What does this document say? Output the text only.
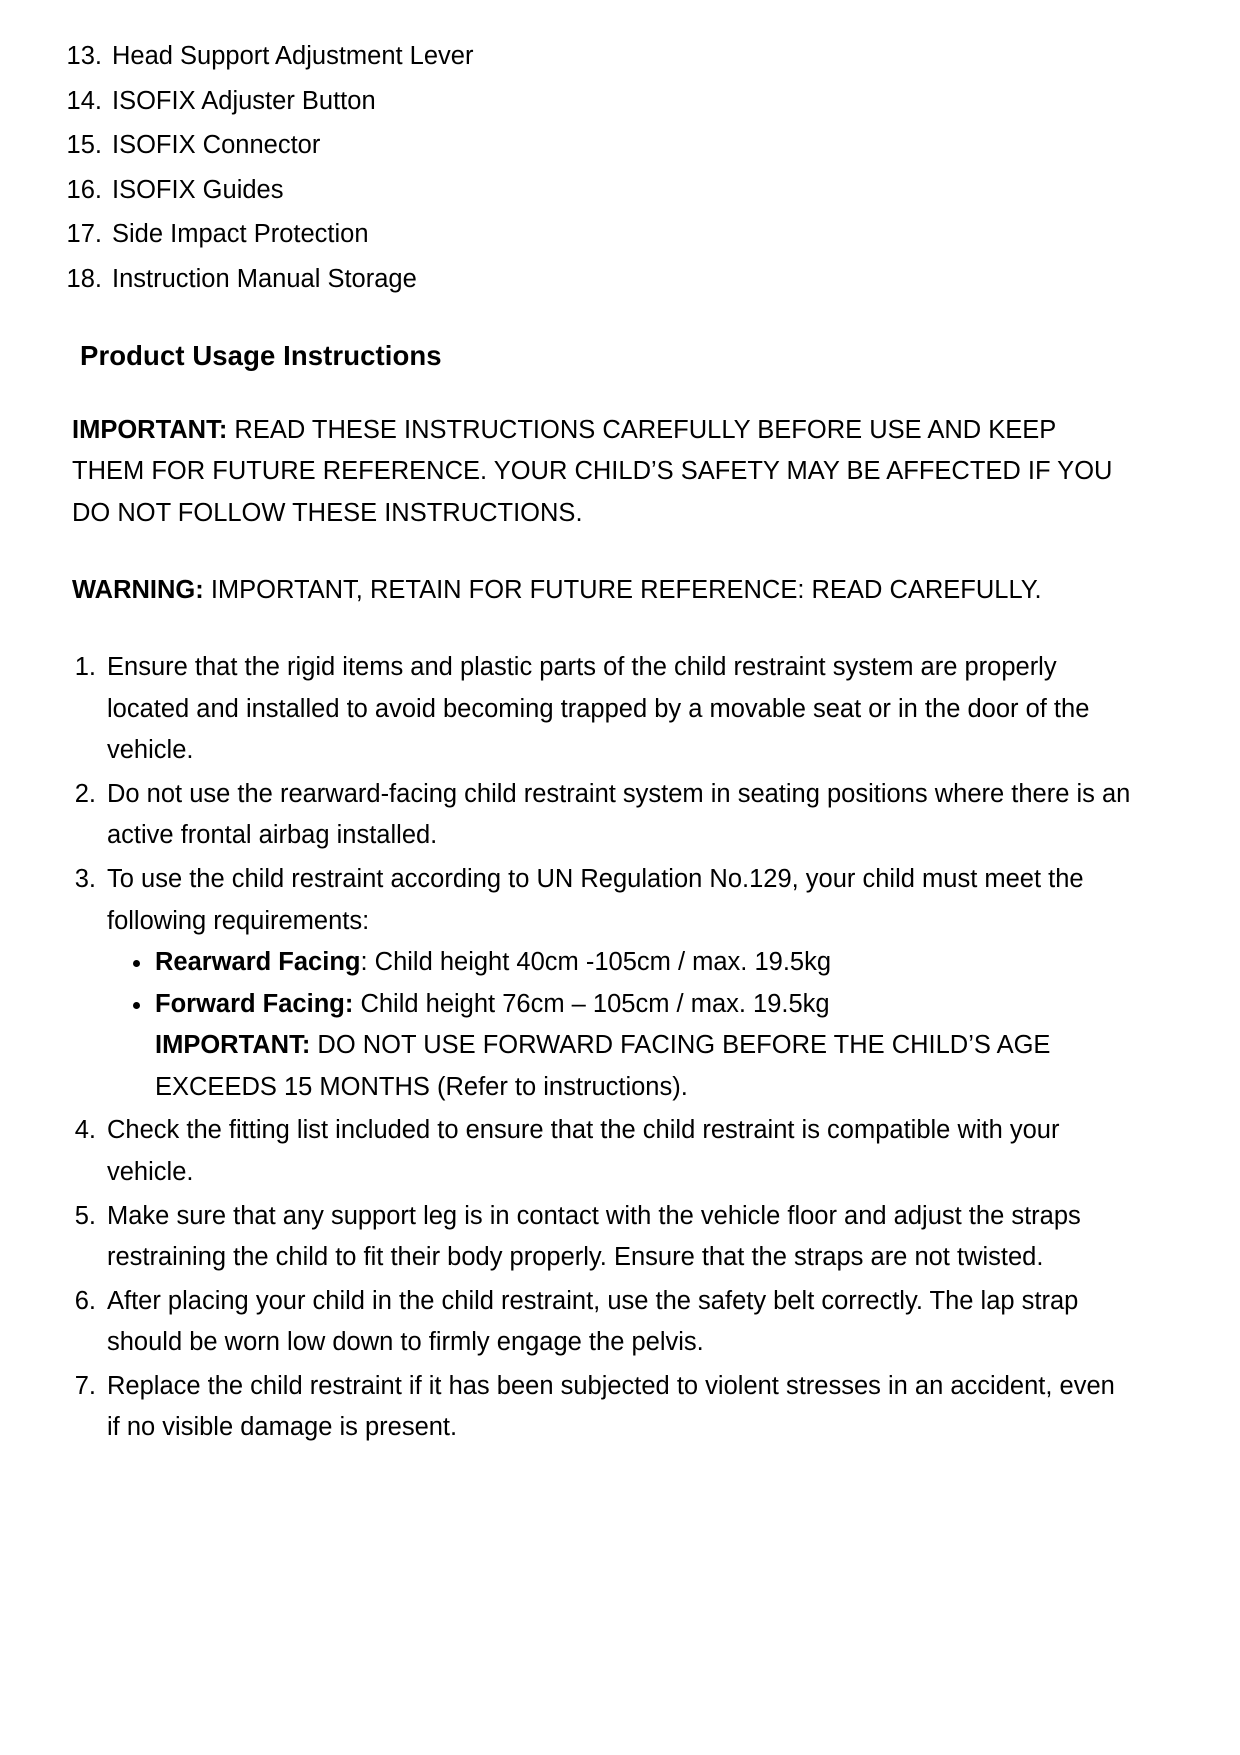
13. Head Support Adjustment Lever
14. ISOFIX Adjuster Button
15. ISOFIX Connector
16. ISOFIX Guides
17. Side Impact Protection
18. Instruction Manual Storage
Product Usage Instructions

IMPORTANT: READ THESE INSTRUCTIONS CAREFULLY BEFORE USE AND KEEP THEM FOR FUTURE REFERENCE. YOUR CHILD’S SAFETY MAY BE AFFECTED IF YOU DO NOT FOLLOW THESE INSTRUCTIONS.

WARNING: IMPORTANT, RETAIN FOR FUTURE REFERENCE: READ CAREFULLY.

1. Ensure that the rigid items and plastic parts of the child restraint system are properly located and installed to avoid becoming trapped by a movable seat or in the door of the vehicle.
2. Do not use the rearward-facing child restraint system in seating positions where there is an active frontal airbag installed.
3. To use the child restraint according to UN Regulation No.129, your child must meet the following requirements:
Rearward Facing: Child height 40cm -105cm / max. 19.5kg
Forward Facing: Child height 76cm – 105cm / max. 19.5kg
IMPORTANT: DO NOT USE FORWARD FACING BEFORE THE CHILD’S AGE EXCEEDS 15 MONTHS (Refer to instructions).
4. Check the fitting list included to ensure that the child restraint is compatible with your vehicle.
5. Make sure that any support leg is in contact with the vehicle floor and adjust the straps restraining the child to fit their body properly. Ensure that the straps are not twisted.
6. After placing your child in the child restraint, use the safety belt correctly. The lap strap should be worn low down to firmly engage the pelvis.
7. Replace the child restraint if it has been subjected to violent stresses in an accident, even if no visible damage is present.
